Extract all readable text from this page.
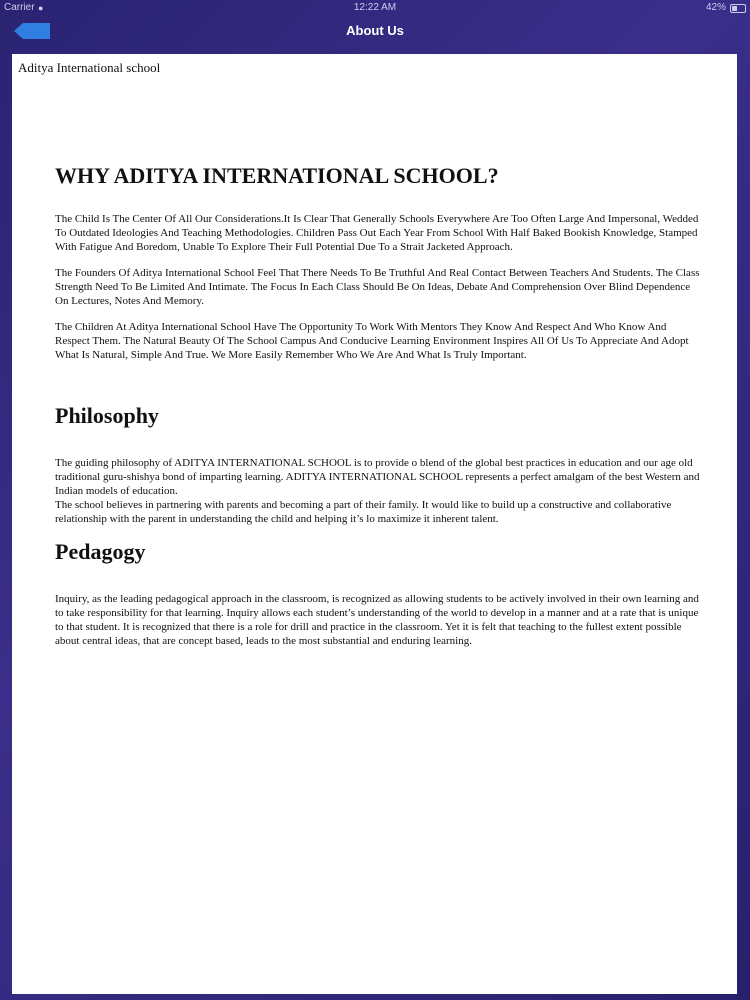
Carrier ●	12:22 AM	42%
About Us
Aditya International school
WHY ADITYA INTERNATIONAL SCHOOL?

The Child Is The Center Of All Our Considerations.It Is Clear That Generally Schools Everywhere Are Too Often Large And Impersonal, Wedded To Outdated Ideologies And Teaching Methodologies. Children Pass Out Each Year From School With Half Baked Bookish Knowledge, Stamped With Fatigue And Boredom, Unable To Explore Their Full Potential Due To a Strait Jacketed Approach.

The Founders Of Aditya International School Feel That There Needs To Be Truthful And Real Contact Between Teachers And Students. The Class Strength Need To Be Limited And Intimate. The Focus In Each Class Should Be On Ideas, Debate And Comprehension Over Blind Dependence On Lectures, Notes And Memory.

The Children At Aditya International School Have The Opportunity To Work With Mentors They Know And Respect And Who Know And Respect Them. The Natural Beauty Of The School Campus And Conducive Learning Environment Inspires All Of Us To Appreciate And Adopt What Is Natural, Simple And True. We More Easily Remember Who We Are And What Is Truly Important.

Philosophy

The guiding philosophy of ADITYA INTERNATIONAL SCHOOL is to provide o blend of the global best practices in education and our age old traditional guru-shishya bond of imparting learning. ADITYA INTERNATIONAL SCHOOL represents a perfect amalgam of the best Western and Indian models of education.

The school believes in partnering with parents and becoming a part of their family. It would like to build up a constructive and collaborative relationship with the parent in understanding the child and helping it’s lo maximize it inherent talent.

Pedagogy

Inquiry, as the leading pedagogical approach in the classroom, is recognized as allowing students to be actively involved in their own learning and to take responsibility for that learning. Inquiry allows each student’s understanding of the world to develop in a manner and at a rate that is unique to that student. It is recognized that there is a role for drill and practice in the classroom. Yet it is felt that teaching to the fullest extent possible about central ideas, that are concept based, leads to the most substantial and enduring learning.
